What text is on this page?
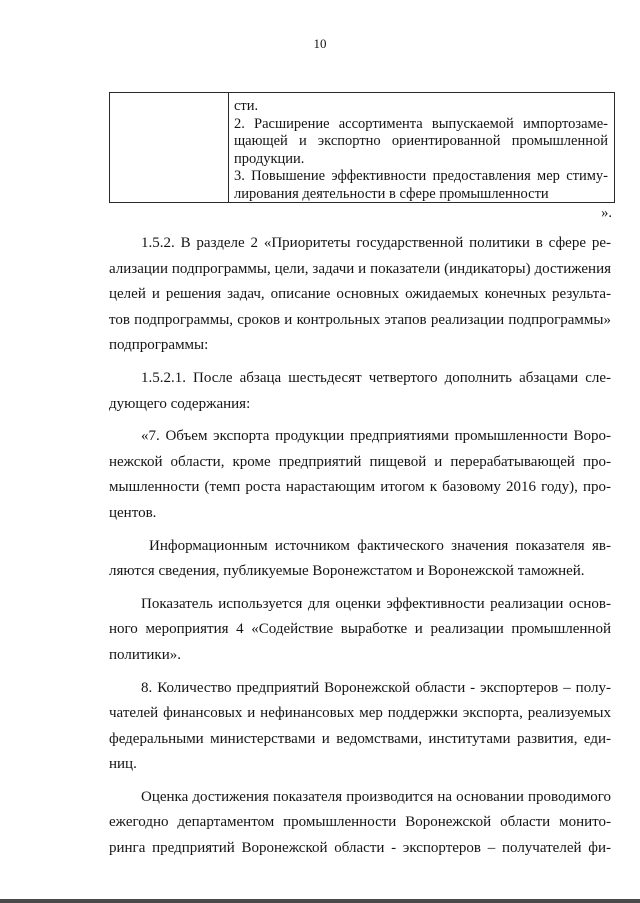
10
сти.
2. Расширение ассортимента выпускаемой импортозаме-
щающей и экспортно ориентированной промышленной
продукции.
3. Повышение эффективности предоставления мер стиму-
лирования деятельности в сфере промышленности
».

1.5.2. В разделе 2 «Приоритеты государственной политики в сфере ре-
ализации подпрограммы, цели, задачи и показатели (индикаторы) достижения
целей и решения задач, описание основных ожидаемых конечных результа-
тов подпрограммы, сроков и контрольных этапов реализации подпрограммы»
подпрограммы:

1.5.2.1. После абзаца шестьдесят четвертого дополнить абзацами сле-
дующего содержания:

«7. Объем экспорта продукции предприятиями промышленности Воро-
нежской области, кроме предприятий пищевой и перерабатывающей про-
мышленности (темп роста нарастающим итогом к базовому 2016 году), про-
центов.

Информационным источником фактического значения показателя яв-
ляются сведения, публикуемые Воронежстатом и Воронежской таможней.

Показатель используется для оценки эффективности реализации основ-
ного мероприятия 4 «Содействие выработке и реализации промышленной
политики».

8. Количество предприятий Воронежской области - экспортеров – полу-
чателей финансовых и нефинансовых мер поддержки экспорта, реализуемых
федеральными министерствами и ведомствами, институтами развития, еди-
ниц.

Оценка достижения показателя производится на основании проводимого
ежегодно департаментом промышленности Воронежской области монито-
ринга предприятий Воронежской области - экспортеров – получателей фи-
